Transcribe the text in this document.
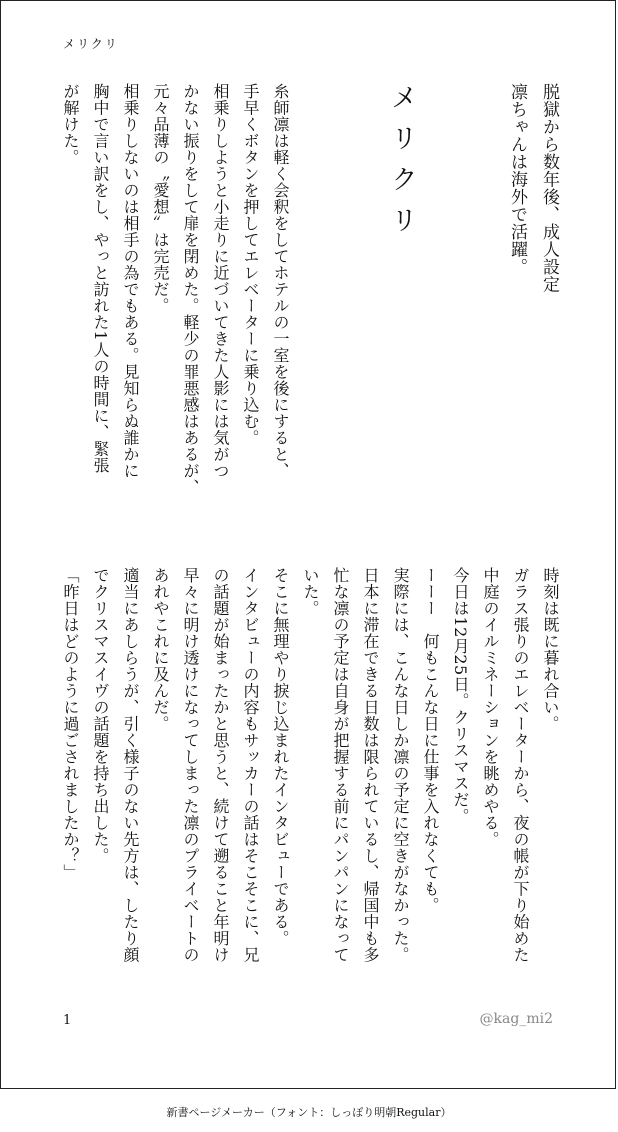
メリクリ
脱獄から数年後、成人設定
凛ちゃんは海外で活躍。
メリクリ
糸師凛は軽く会釈をしてホテルの一室を後にすると、
手早くボタンを押してエレベーターに乗り込む。
相乗りしようと小走りに近づいてきた人影には気がつ
かない振りをして扉を閉めた。軽少の罪悪感はあるが、
元々品薄の〝愛想〟は完売だ。
相乗りしないのは相手の為でもある。見知らぬ誰かに
胸中で言い訳をし、やっと訪れた1人の時間に、緊張
が解けた。
時刻は既に暮れ合い。
ガラス張りのエレベーターから、夜の帳が下り始めた
中庭のイルミネーションを眺めやる。
今日は12月25日。クリスマスだ。
ーーー　何もこんな日に仕事を入れなくても。
実際には、こんな日しか凛の予定に空きがなかった。
日本に滞在できる日数は限られているし、帰国中も多
忙な凛の予定は自身が把握する前にパンパンになって
いた。
そこに無理やり捩じ込まれたインタビューである。
インタビューの内容もサッカーの話はそこそこに、兄
の話題が始まったかと思うと、続けて遡ること年明け
早々に明け透けになってしまった凛のプライベートの
あれやこれに及んだ。
適当にあしらうが、引く様子のない先方は、したり顔
でクリスマスイヴの話題を持ち出した。
「昨日はどのように過ごされましたか？」
1	@kag_mi2
新書ページメーカー（フォント：しっぽり明朝Regular）
